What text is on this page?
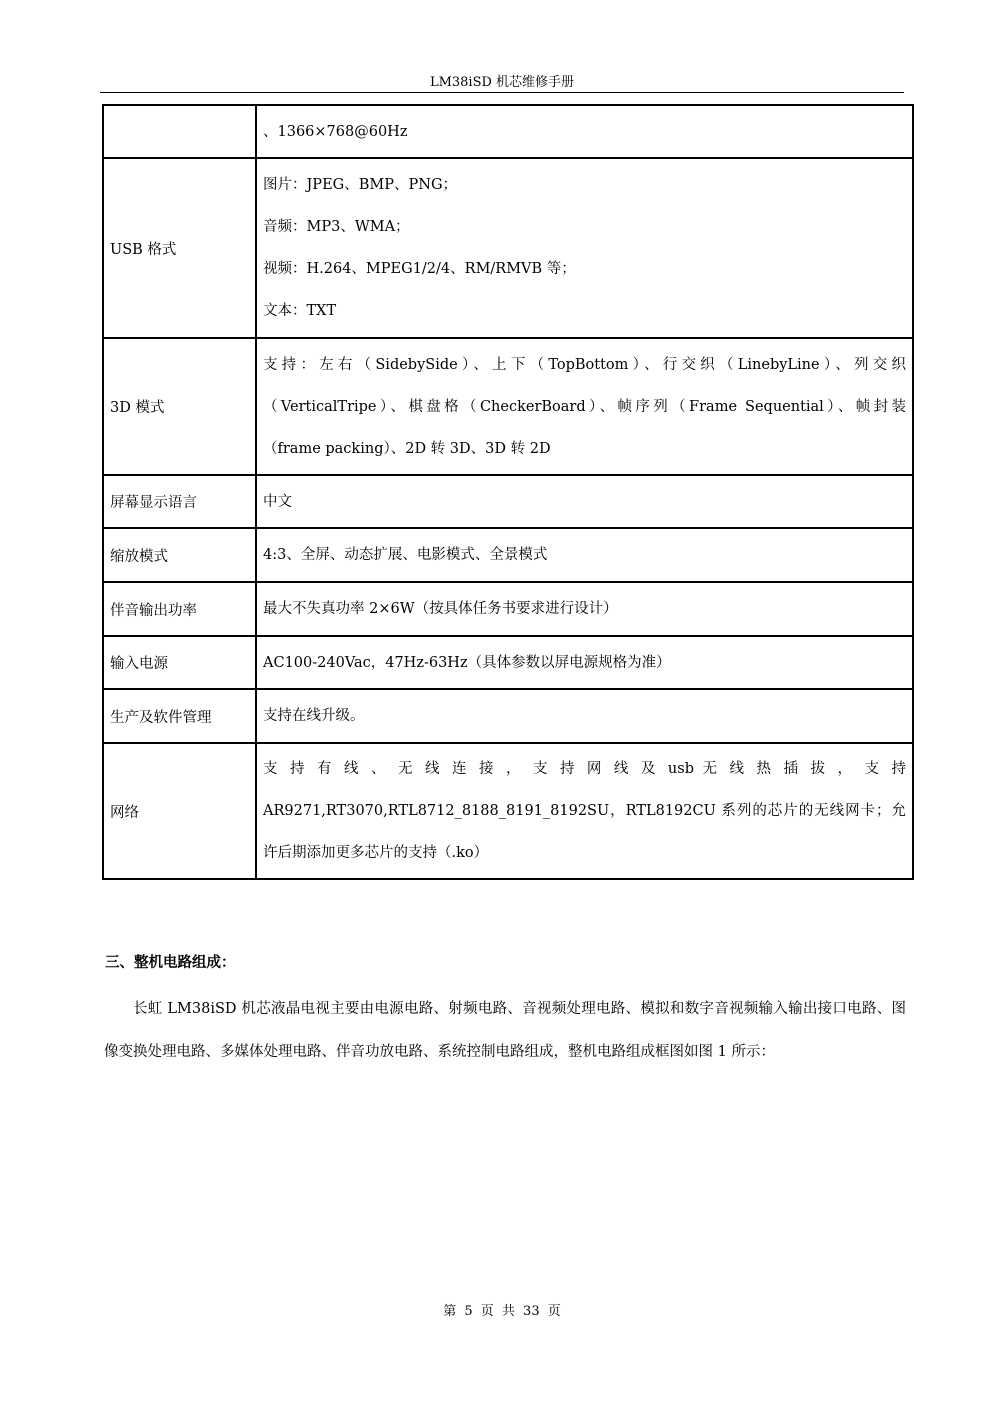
LM38iSD 机芯维修手册

	、1366×768@60Hz

USB 格式	图片：JPEG、BMP、PNG；
音频：MP3、WMA；
视频：H.264、MPEG1/2/4、RM/RMVB 等；
文本：TXT

3D 模式	支持：左右（SidebySide）、上下（TopBottom）、行交织（LinebyLine）、列交织
（VerticalTripe）、棋盘格（CheckerBoard）、帧序列（Frame Sequential）、帧封装
（frame packing）、2D 转 3D、3D 转 2D

屏幕显示语言	中文

缩放模式	4:3、全屏、动态扩展、电影模式、全景模式

伴音输出功率	最大不失真功率 2×6W（按具体任务书要求进行设计）

输入电源	AC100-240Vac，47Hz-63Hz（具体参数以屏电源规格为准）

生产及软件管理	支持在线升级。

网络	支 持 有 线 、 无 线 连 接 ， 支 持 网 线 及 usb 无 线 热 插 拔 ， 支 持
AR9271,RT3070,RTL8712_8188_8191_8192SU，RTL8192CU 系列的芯片的无线网卡；允
许后期添加更多芯片的支持（.ko）
三、整机电路组成：
长虹 LM38iSD 机芯液晶电视主要由电源电路、射频电路、音视频处理电路、模拟和数字音视频输入输出接口电路、图像变换处理电路、多媒体处理电路、伴音功放电路、系统控制电路组成，整机电路组成框图如图 1 所示：
第 5 页 共 33 页
